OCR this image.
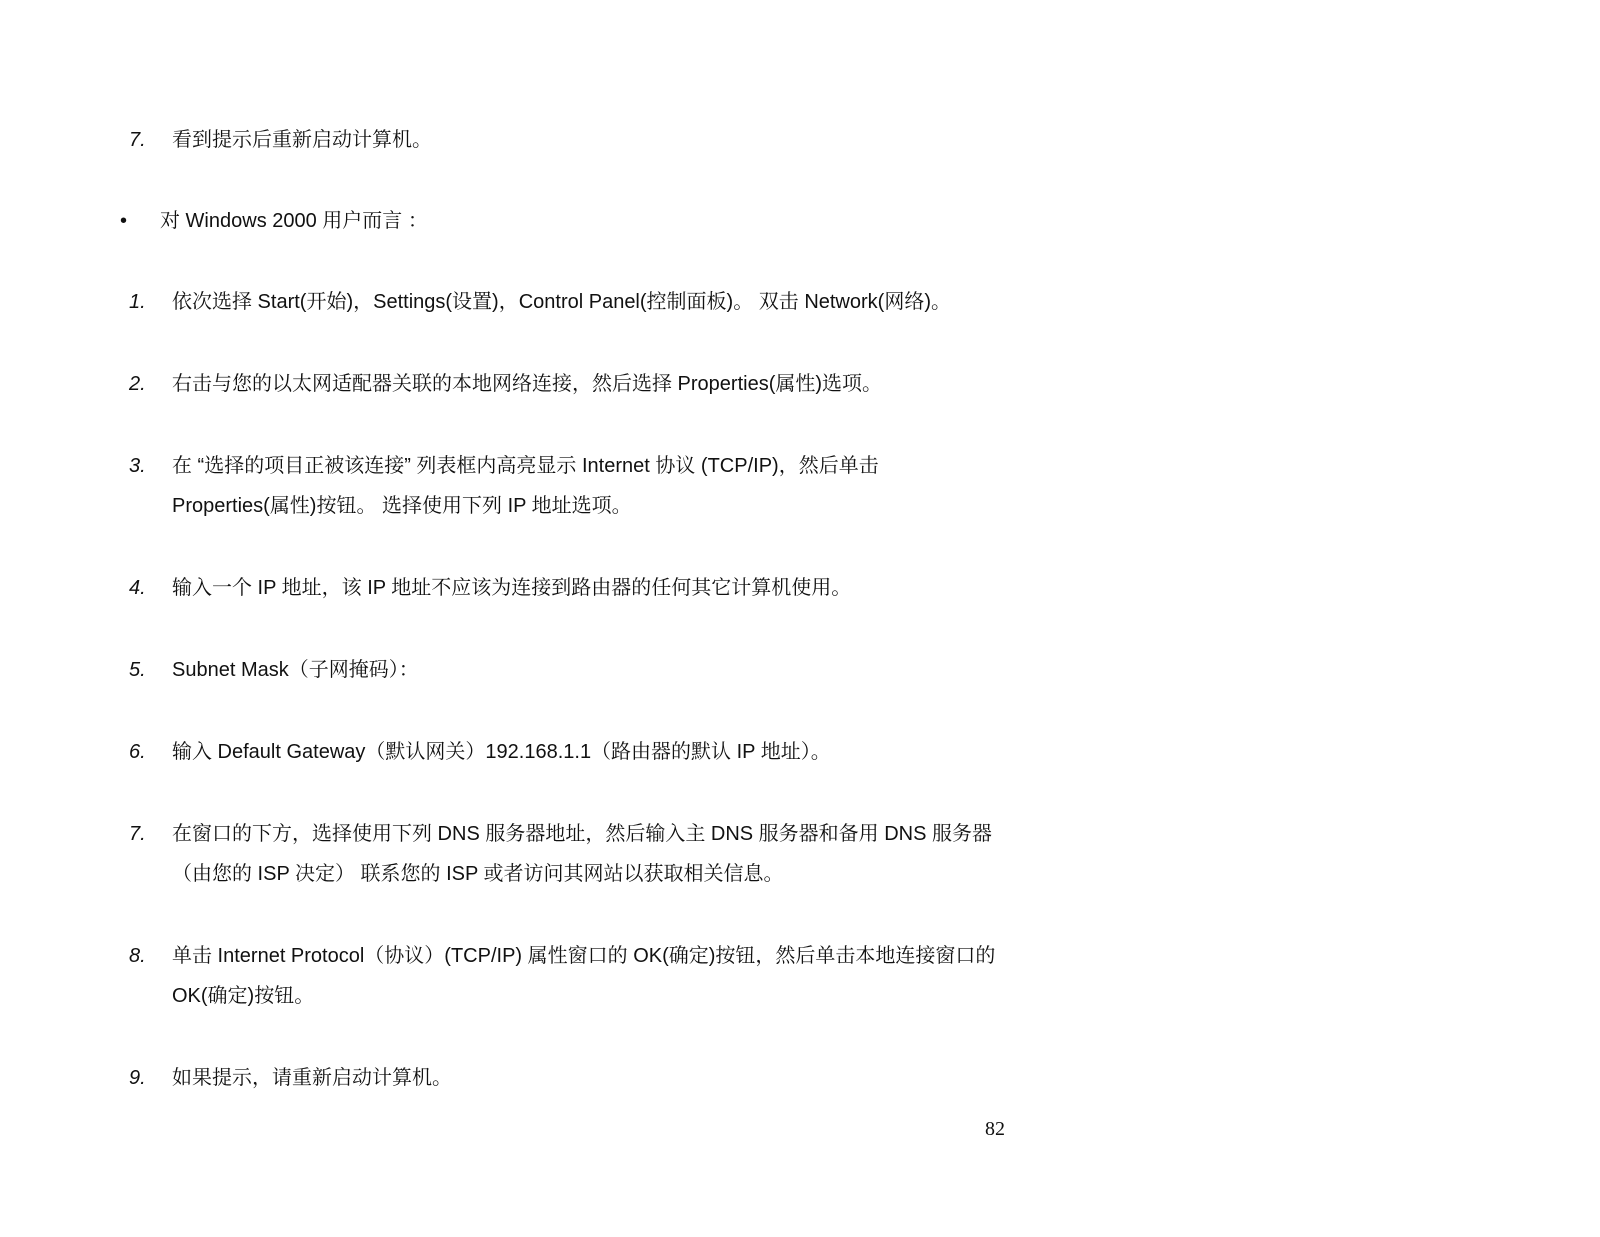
7. 看到提示后重新启动计算机。
• 对 Windows 2000 用户而言 ：
1. 依次选择 Start(开始)，Settings(设置)，Control Panel(控制面板)。 双击 Network(网络)。
2. 右击与您的以太网适配器关联的本地网络连接，然后选择 Properties(属性)选项。
3. 在 “选择的项目正被该连接” 列表框内高亮显示 Internet 协议 (TCP/IP)，然后单击 Properties(属性)按钮。 选择使用下列 IP 地址选项。
4. 输入一个 IP 地址，该 IP 地址不应该为连接到路由器的任何其它计算机使用。
5. Subnet Mask（子网掩码）：
6. 输入 Default Gateway（默认网关）192.168.1.1（路由器的默认 IP 地址）。
7. 在窗口的下方，选择使用下列 DNS 服务器地址，然后输入主 DNS 服务器和备用 DNS 服务器（由您的 ISP 决定） 联系您的 ISP 或者访问其网站以获取相关信息。
8. 单击 Internet Protocol（协议）(TCP/IP) 属性窗口的 OK(确定)按钮，然后单击本地连接窗口的 OK(确定)按钮。
9. 如果提示，请重新启动计算机。
82
